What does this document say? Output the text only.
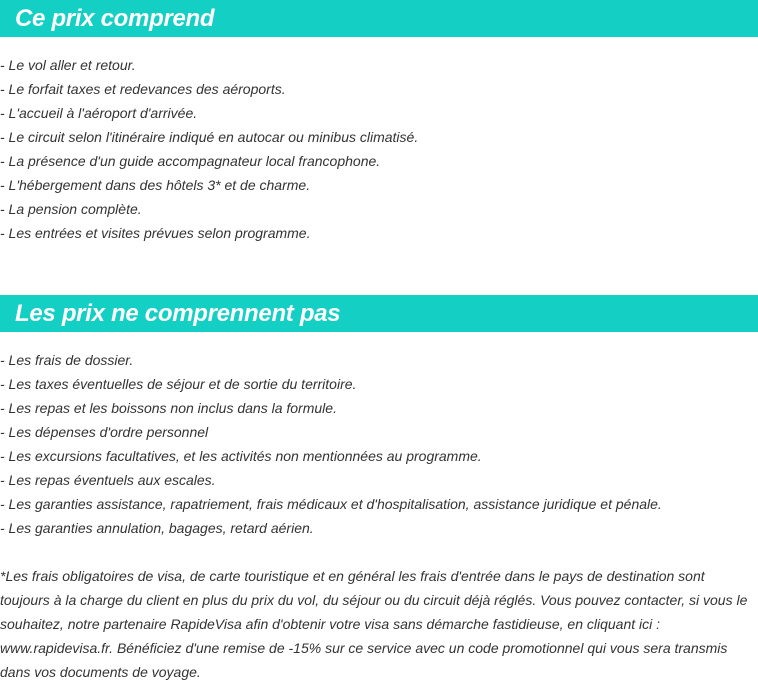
Ce prix comprend
- Le vol aller et retour.
- Le forfait taxes et redevances des aéroports.
- L'accueil à l'aéroport d'arrivée.
- Le circuit selon l'itinéraire indiqué en autocar ou minibus climatisé.
- La présence d'un guide accompagnateur local francophone.
- L'hébergement dans des hôtels 3* et de charme.
- La pension complète.
- Les entrées et visites prévues selon programme.
Les prix ne comprennent pas
- Les frais de dossier.
- Les taxes éventuelles de séjour et de sortie du territoire.
- Les repas et les boissons non inclus dans la formule.
- Les dépenses d'ordre personnel
- Les excursions facultatives, et les activités non mentionnées au programme.
- Les repas éventuels aux escales.
- Les garanties assistance, rapatriement, frais médicaux et d'hospitalisation, assistance juridique et pénale.
- Les garanties annulation, bagages, retard aérien.

*Les frais obligatoires de visa, de carte touristique et en général les frais d'entrée dans le pays de destination sont toujours à la charge du client en plus du prix du vol, du séjour ou du circuit déjà réglés. Vous pouvez contacter, si vous le souhaitez, notre partenaire RapideVisa afin d'obtenir votre visa sans démarche fastidieuse, en cliquant ici : www.rapidevisa.fr. Bénéficiez d'une remise de -15% sur ce service avec un code promotionnel qui vous sera transmis dans vos documents de voyage.
